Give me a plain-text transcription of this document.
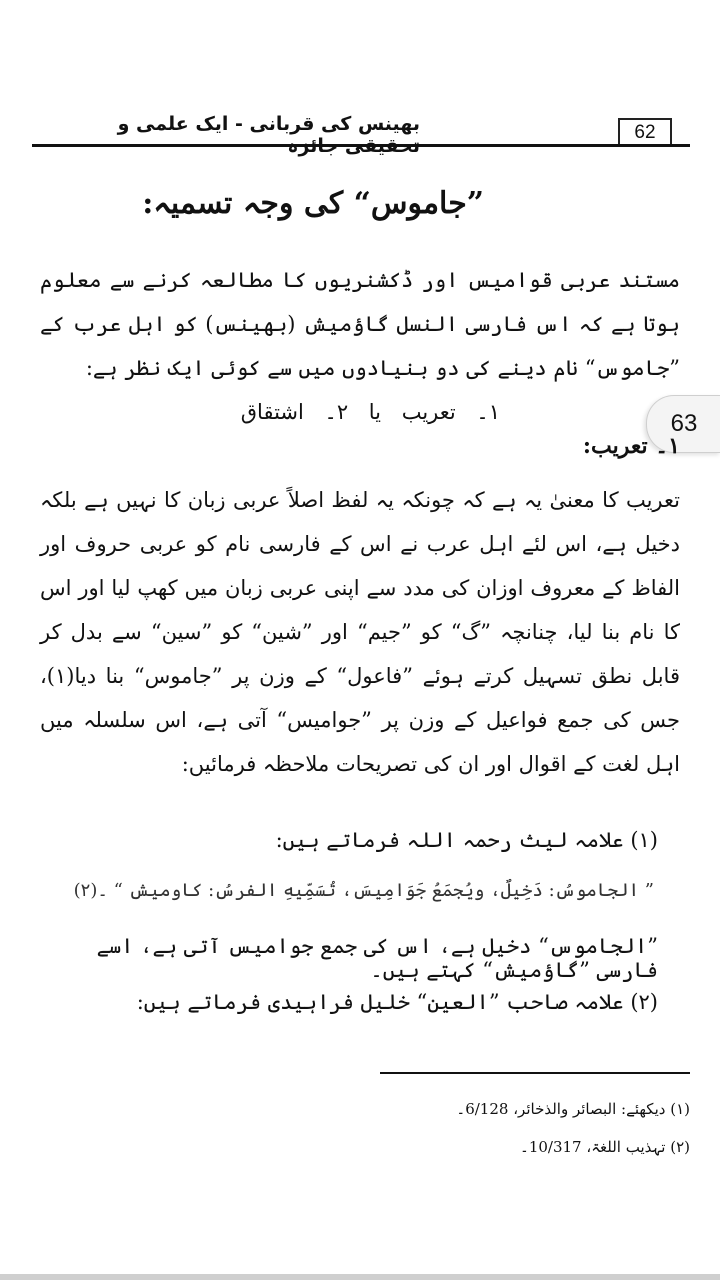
بھینس کی قربانی - ایک علمی و	62
”جاموس“ کی وجہ تسمیہ:
مستند عربی قوامیس اور ڈکشنریوں کا مطالعہ کرنے سے معلوم ہوتا ہے کہ اس فارسی النسل گاؤمیش (بھینس) کو اہل عرب کے ”جاموس“ نام دینے کی دو بنیادوں میں سے کوئی ایک نظر ہے:
۱۔ تعریب یا ۲۔ اشتقاق	63
۱۔ تعریب:
تعریب کا معنیٰ یہ ہے کہ چونکہ یہ لفظ اصلاً عربی زبان کا نہیں ہے بلکہ دخیل ہے، اس لئے اہل عرب نے اس کے فارسی نام کو عربی حروف اور الفاظ کے معروف اوزان کی مدد سے اپنی عربی زبان میں کھپ لیا اور اس کا نام بنا لیا، چنانچہ ”گ“ کو ”جیم“ اور ”شین“ کو ”سین“ سے بدل کر قابل نطق تسہیل کرتے ہوئے ”فاعول“ کے وزن پر ”جاموس“ بنا دیا(۱)، جس کی جمع فواعیل کے وزن پر ”جوامیس“ آتی ہے، اس سلسلہ میں اہل لغت کے اقوال اور ان کی تصریحات ملاحظہ فرمائیں:
(۱) علامہ لیث رحمہ اللہ فرماتے ہیں:
” الجاموسُ: دَخِيلٌ، ويُجمَعُ جَوَامِيسَ، تُسَمِّيهِ الفرسُ: كاوميش “ ۔(۲)
”الجاموس“ دخیل ہے، اس کی جمع جوامیس آتی ہے، اسے فارسی ”گاؤمیش“ کہتے ہیں۔
(۲) علامہ صاحب ”العین“ خلیل فراہیدی فرماتے ہیں:
(۱) دیکھئے: البصائر والذخائر، 6/128۔
(۲) تہذیب اللغۃ، 10/317۔
